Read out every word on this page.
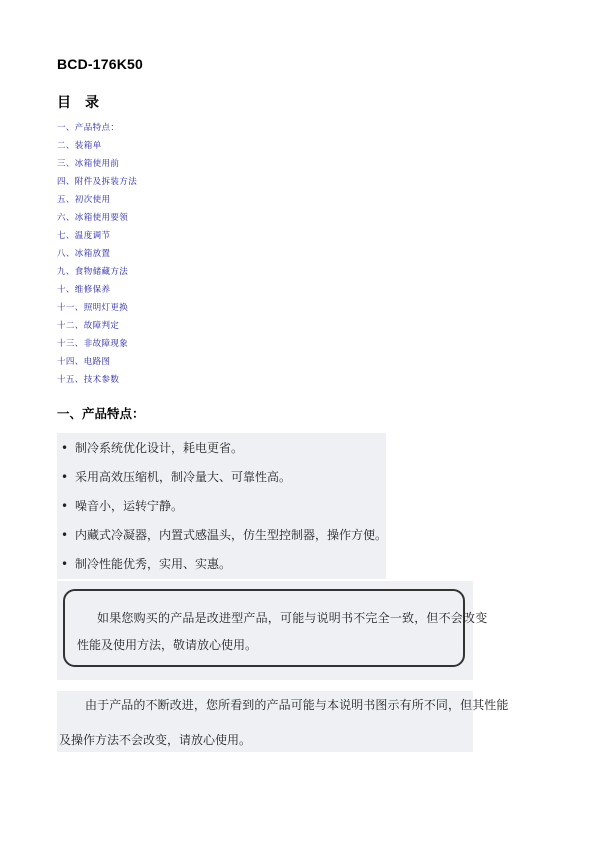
BCD-176K50
目　录
一、产品特点：
二、装箱单
三、冰箱使用前
四、附件及拆装方法
五、初次使用
六、冰箱使用要领
七、温度调节
八、冰箱放置
九、食物储藏方法
十、维修保养
十一、照明灯更换
十二、故障判定
十三、非故障现象
十四、电路图
十五、技术参数
一、产品特点：
• 制冷系统优化设计，耗电更省。
• 采用高效压缩机，制冷量大、可靠性高。
• 噪音小，运转宁静。
• 内藏式冷凝器，内置式感温头，仿生型控制器，操作方便。
• 制冷性能优秀，实用、实惠。
如果您购买的产品是改进型产品，可能与说明书不完全一致，但不会改变
性能及使用方法，敬请放心使用。
由于产品的不断改进，您所看到的产品可能与本说明书图示有所不同，但其性能
及操作方法不会改变，请放心使用。
